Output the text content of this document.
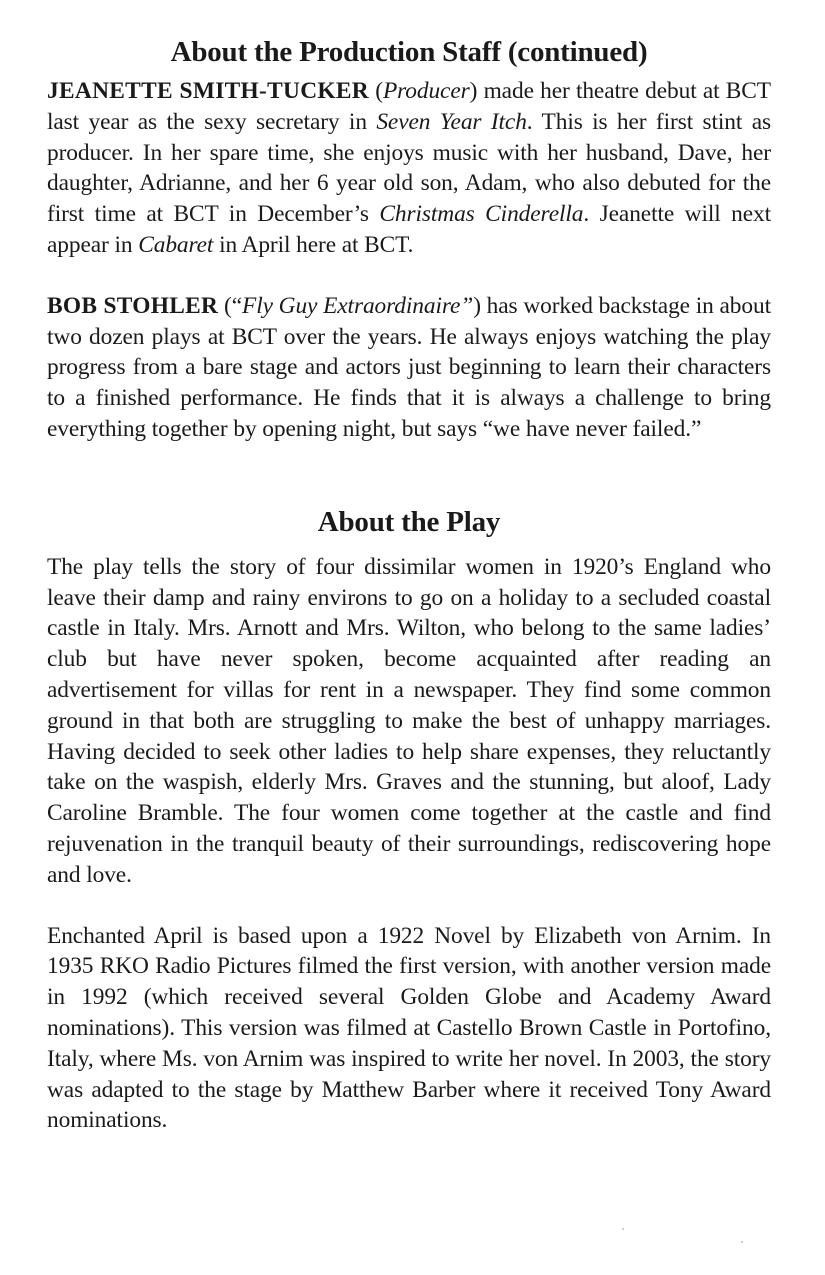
About the Production Staff (continued)

JEANETTE SMITH-TUCKER (Producer) made her theatre debut at BCT last year as the sexy secretary in Seven Year Itch. This is her first stint as producer. In her spare time, she enjoys music with her husband, Dave, her daughter, Adrianne, and her 6 year old son, Adam, who also debuted for the first time at BCT in December’s Christmas Cinderella. Jeanette will next appear in Cabaret in April here at BCT.

BOB STOHLER (“Fly Guy Extraordinaire”) has worked backstage in about two dozen plays at BCT over the years. He always enjoys watching the play progress from a bare stage and actors just beginning to learn their characters to a finished performance. He finds that it is always a challenge to bring everything together by opening night, but says “we have never failed.”

About the Play

The play tells the story of four dissimilar women in 1920’s England who leave their damp and rainy environs to go on a holiday to a secluded coastal castle in Italy. Mrs. Arnott and Mrs. Wilton, who belong to the same ladies’ club but have never spoken, become acquainted after reading an advertisement for villas for rent in a newspaper. They find some common ground in that both are struggling to make the best of unhappy marriages. Having decided to seek other ladies to help share expenses, they reluctantly take on the waspish, elderly Mrs. Graves and the stunning, but aloof, Lady Caroline Bramble. The four women come together at the castle and find rejuvenation in the tranquil beauty of their surroundings, rediscovering hope and love.

Enchanted April is based upon a 1922 Novel by Elizabeth von Arnim. In 1935 RKO Radio Pictures filmed the first version, with another version made in 1992 (which received several Golden Globe and Academy Award nominations). This version was filmed at Castello Brown Castle in Portofino, Italy, where Ms. von Arnim was inspired to write her novel. In 2003, the story was adapted to the stage by Matthew Barber where it received Tony Award nominations.
